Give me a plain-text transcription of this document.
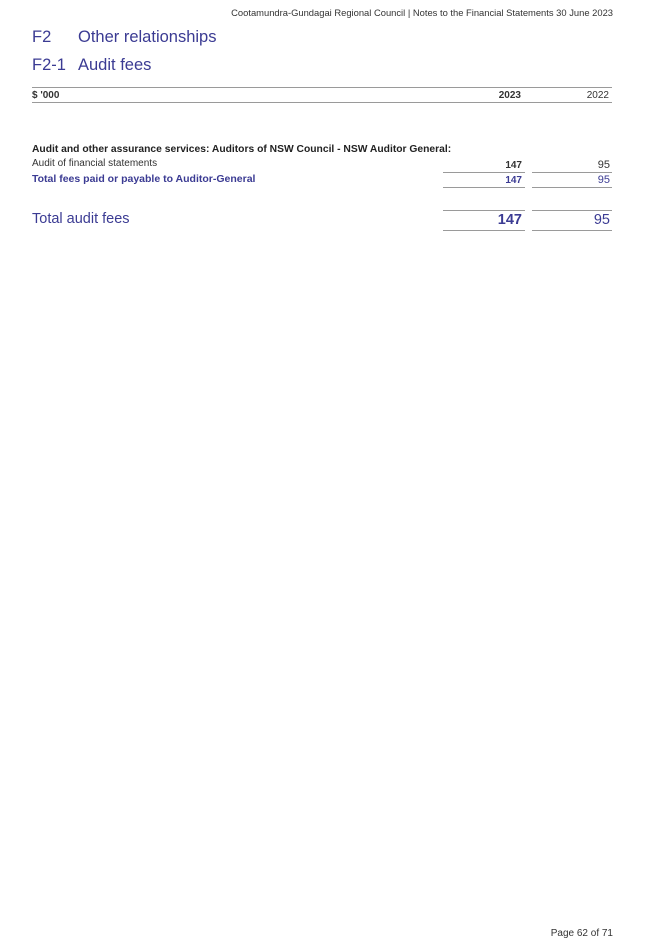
Cootamundra-Gundagai Regional Council | Notes to the Financial Statements 30 June 2023
F2 Other relationships
F2-1 Audit fees
$ '000	2023	2022
Audit and other assurance services: Auditors of NSW Council - NSW Auditor General:
Audit of financial statements	147	95
Total fees paid or payable to Auditor-General	147	95
Total audit fees	147	95
Page 62 of 71
